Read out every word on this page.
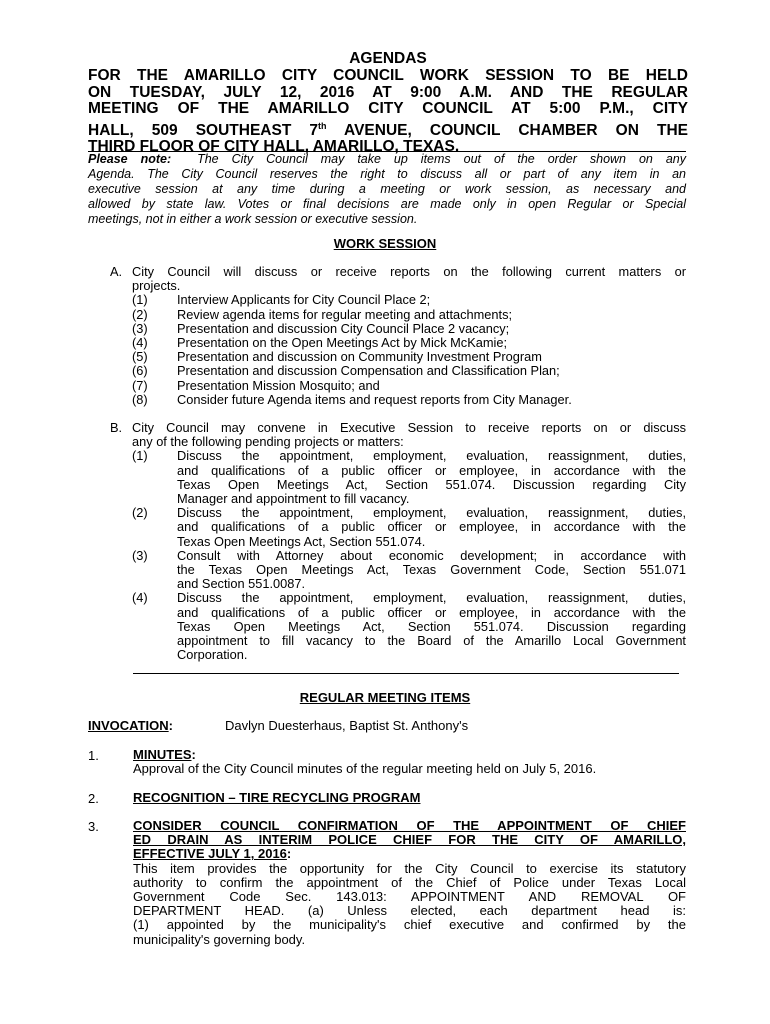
AGENDAS
FOR THE AMARILLO CITY COUNCIL WORK SESSION TO BE HELD
ON TUESDAY, JULY 12, 2016 AT 9:00 A.M. AND THE REGULAR
MEETING OF THE AMARILLO CITY COUNCIL AT 5:00 P.M., CITY
HALL, 509 SOUTHEAST 7th AVENUE, COUNCIL CHAMBER ON THE
THIRD FLOOR OF CITY HALL, AMARILLO, TEXAS.
Please note: The City Council may take up items out of the order shown on any
Agenda. The City Council reserves the right to discuss all or part of any item in an
executive session at any time during a meeting or work session, as necessary and
allowed by state law. Votes or final decisions are made only in open Regular or Special
meetings, not in either a work session or executive session.
WORK SESSION
A. City Council will discuss or receive reports on the following current matters or
projects.
(1) Interview Applicants for City Council Place 2;
(2) Review agenda items for regular meeting and attachments;
(3) Presentation and discussion City Council Place 2 vacancy;
(4) Presentation on the Open Meetings Act by Mick McKamie;
(5) Presentation and discussion on Community Investment Program
(6) Presentation and discussion Compensation and Classification Plan;
(7) Presentation Mission Mosquito; and
(8) Consider future Agenda items and request reports from City Manager.
B. City Council may convene in Executive Session to receive reports on or discuss
any of the following pending projects or matters:
(1) Discuss the appointment, employment, evaluation, reassignment, duties,
and qualifications of a public officer or employee, in accordance with the
Texas Open Meetings Act, Section 551.074. Discussion regarding City
Manager and appointment to fill vacancy.
(2) Discuss the appointment, employment, evaluation, reassignment, duties,
and qualifications of a public officer or employee, in accordance with the
Texas Open Meetings Act, Section 551.074.
(3) Consult with Attorney about economic development; in accordance with
the Texas Open Meetings Act, Texas Government Code, Section 551.071
and Section 551.0087.
(4) Discuss the appointment, employment, evaluation, reassignment, duties,
and qualifications of a public officer or employee, in accordance with the
Texas Open Meetings Act, Section 551.074. Discussion regarding
appointment to fill vacancy to the Board of the Amarillo Local Government
Corporation.
REGULAR MEETING ITEMS
INVOCATION:	Davlyn Duesterhaus, Baptist St. Anthony's
1.	MINUTES:
Approval of the City Council minutes of the regular meeting held on July 5, 2016.
2.	RECOGNITION – TIRE RECYCLING PROGRAM
3.	CONSIDER COUNCIL CONFIRMATION OF THE APPOINTMENT OF CHIEF
ED DRAIN AS INTERIM POLICE CHIEF FOR THE CITY OF AMARILLO,
EFFECTIVE JULY 1, 2016:
This item provides the opportunity for the City Council to exercise its statutory
authority to confirm the appointment of the Chief of Police under Texas Local
Government Code Sec. 143.013: APPOINTMENT AND REMOVAL OF
DEPARTMENT HEAD. (a) Unless elected, each department head is:
(1) appointed by the municipality's chief executive and confirmed by the
municipality's governing body.
